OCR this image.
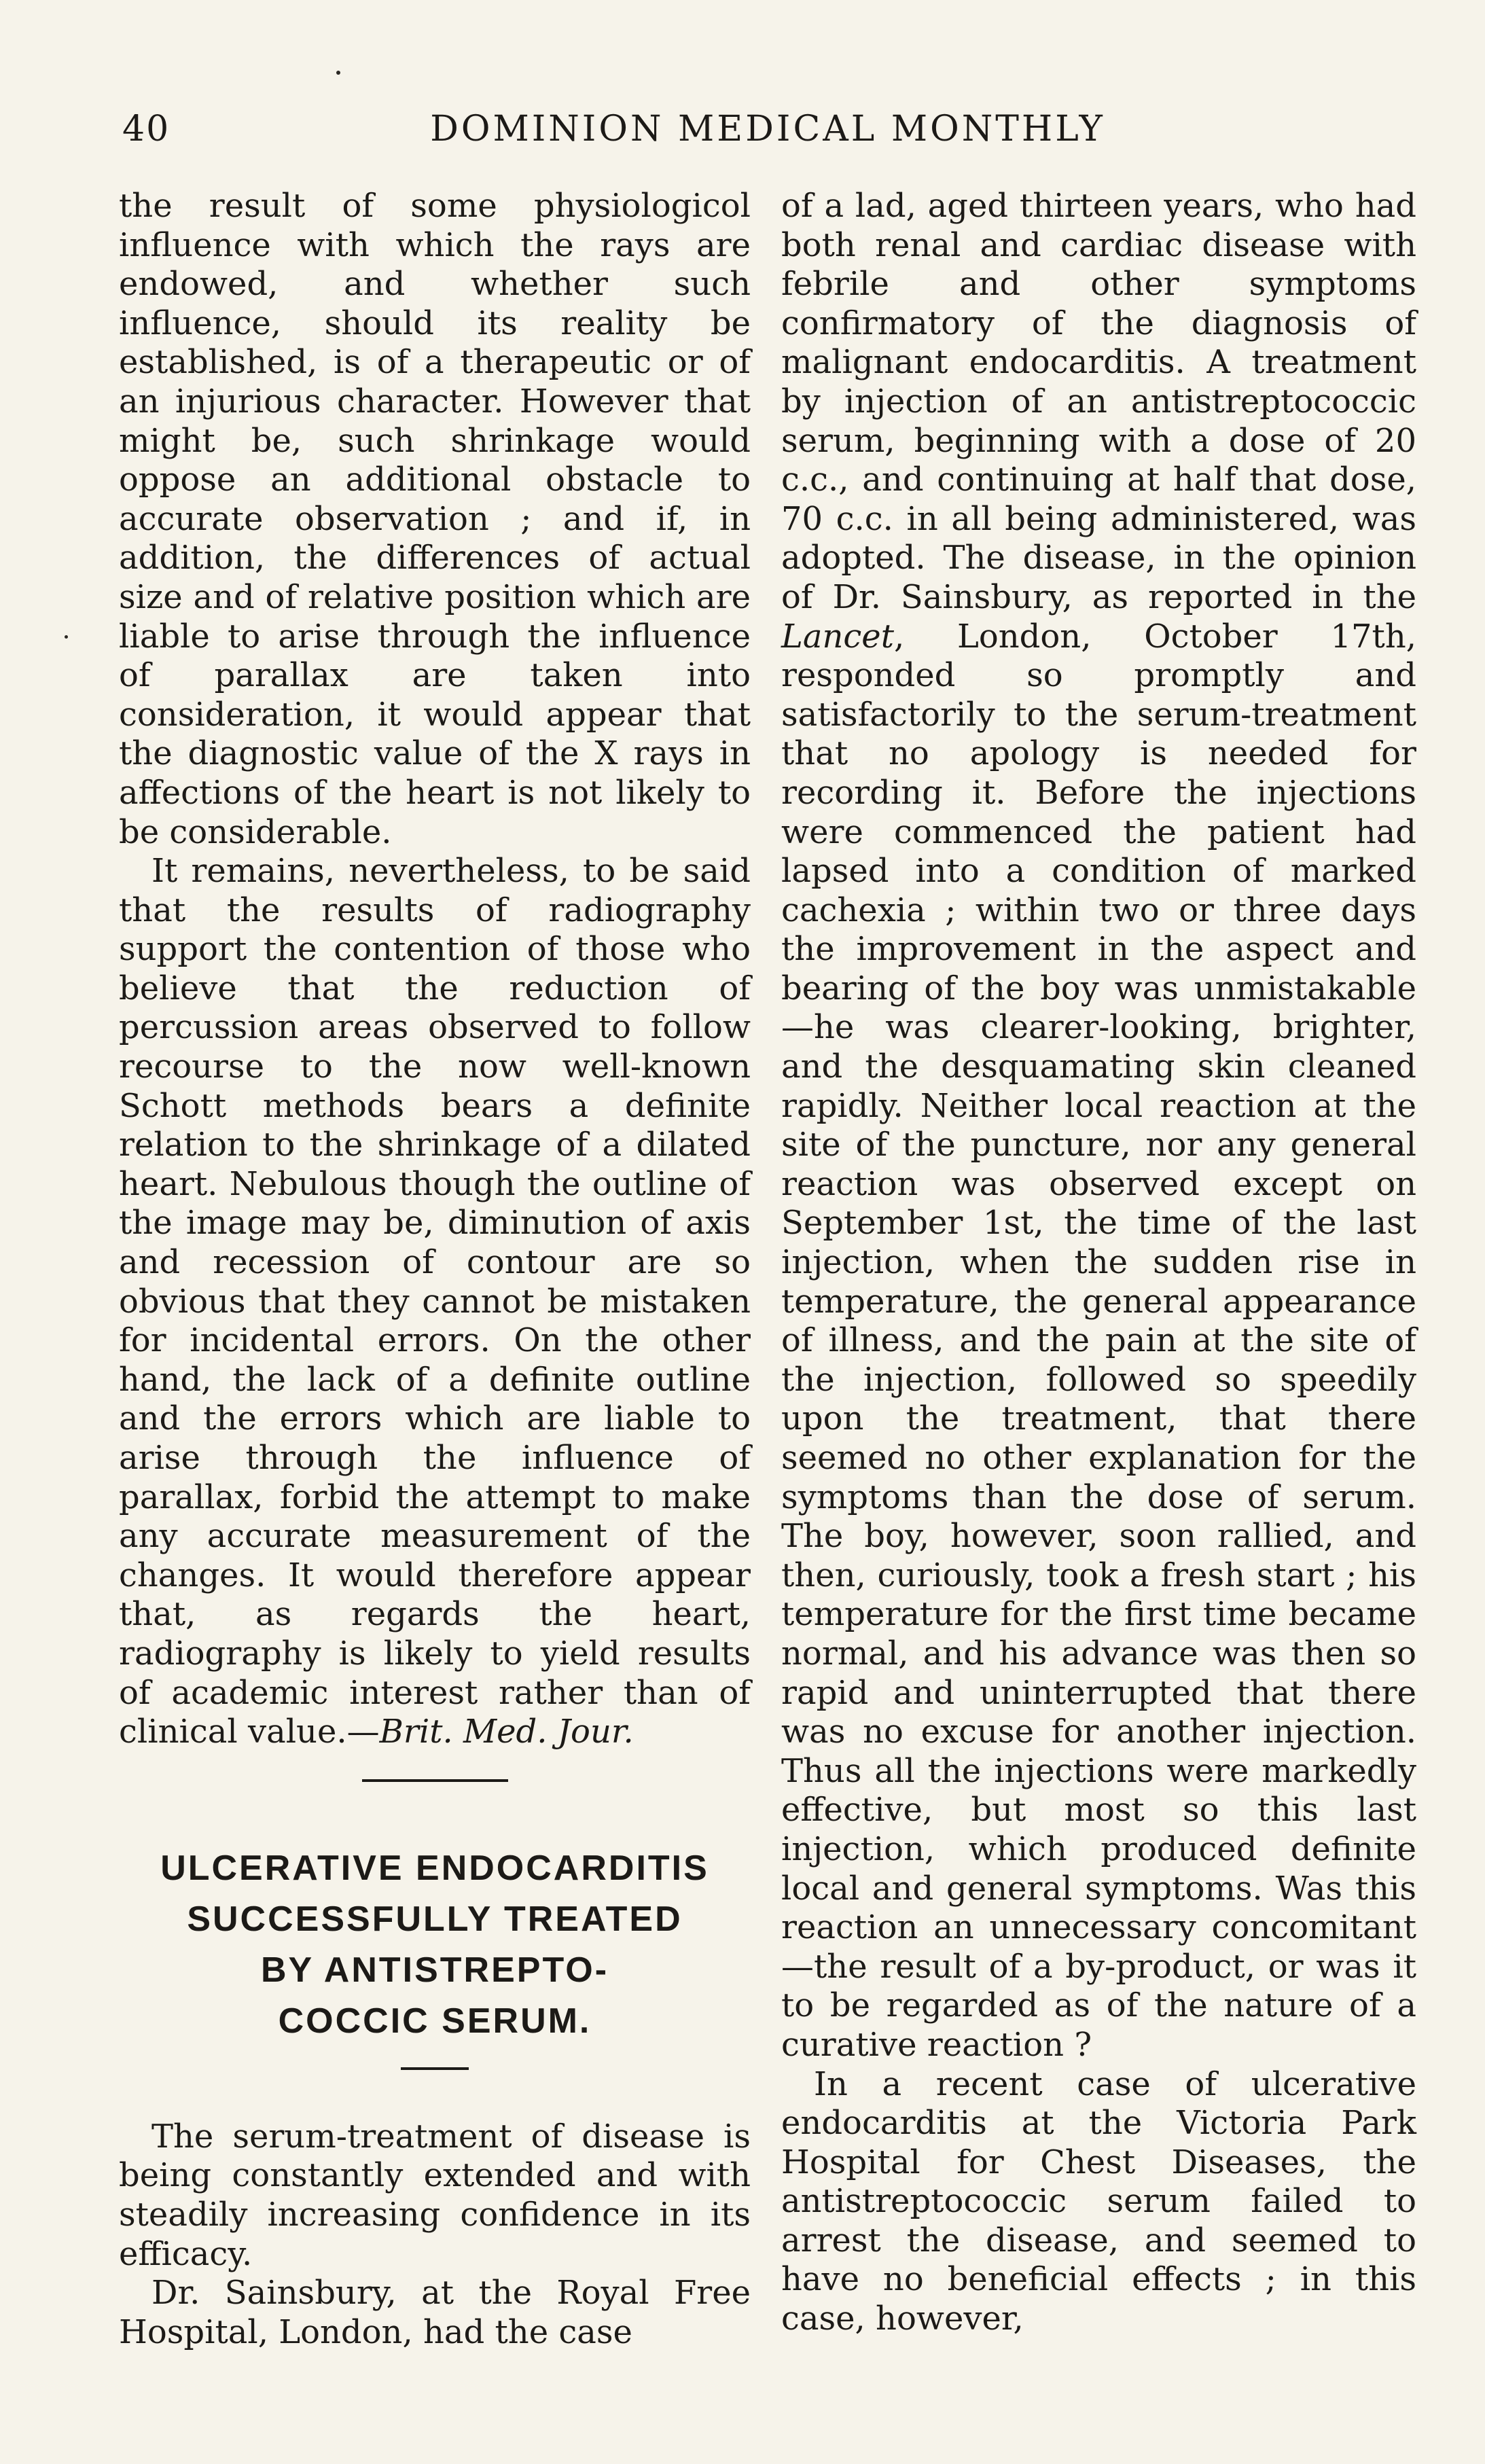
40	DOMINION MEDICAL MONTHLY

the result of some physiologicol influence with which the rays are endowed, and whether such influence, should its reality be established, is of a therapeutic or of an injurious character. However that might be, such shrinkage would oppose an additional obstacle to accurate observation ; and if, in addition, the differences of actual size and of relative position which are liable to arise through the influence of parallax are taken into consideration, it would appear that the diagnostic value of the X rays in affections of the heart is not likely to be considerable.

It remains, nevertheless, to be said that the results of radiography support the contention of those who believe that the reduction of percussion areas observed to follow recourse to the now well-known Schott methods bears a definite relation to the shrinkage of a dilated heart. Nebulous though the outline of the image may be, diminution of axis and recession of contour are so obvious that they cannot be mistaken for incidental errors. On the other hand, the lack of a definite outline and the errors which are liable to arise through the influence of parallax, forbid the attempt to make any accurate measurement of the changes. It would therefore appear that, as regards the heart, radiography is likely to yield results of academic interest rather than of clinical value.—Brit. Med. Jour.

ULCERATIVE ENDOCARDITIS
SUCCESSFULLY TREATED
BY ANTISTREPTO-
COCCIC SERUM.

The serum-treatment of disease is being constantly extended and with steadily increasing confidence in its efficacy.

Dr. Sainsbury, at the Royal Free Hospital, London, had the case

of a lad, aged thirteen years, who had both renal and cardiac disease with febrile and other symptoms confirmatory of the diagnosis of malignant endocarditis. A treatment by injection of an antistreptococcic serum, beginning with a dose of 20 c.c., and continuing at half that dose, 70 c.c. in all being administered, was adopted. The disease, in the opinion of Dr. Sainsbury, as reported in the Lancet, London, October 17th, responded so promptly and satisfactorily to the serum-treatment that no apology is needed for recording it. Before the injections were commenced the patient had lapsed into a condition of marked cachexia ; within two or three days the improvement in the aspect and bearing of the boy was unmistakable—he was clearer-looking, brighter, and the desquamating skin cleaned rapidly. Neither local reaction at the site of the puncture, nor any general reaction was observed except on September 1st, the time of the last injection, when the sudden rise in temperature, the general appearance of illness, and the pain at the site of the injection, followed so speedily upon the treatment, that there seemed no other explanation for the symptoms than the dose of serum. The boy, however, soon rallied, and then, curiously, took a fresh start ; his temperature for the first time became normal, and his advance was then so rapid and uninterrupted that there was no excuse for another injection. Thus all the injections were markedly effective, but most so this last injection, which produced definite local and general symptoms. Was this reaction an unnecessary concomitant—the result of a by-product, or was it to be regarded as of the nature of a curative reaction ?

In a recent case of ulcerative endocarditis at the Victoria Park Hospital for Chest Diseases, the antistreptococcic serum failed to arrest the disease, and seemed to have no beneficial effects ; in this case, however,
